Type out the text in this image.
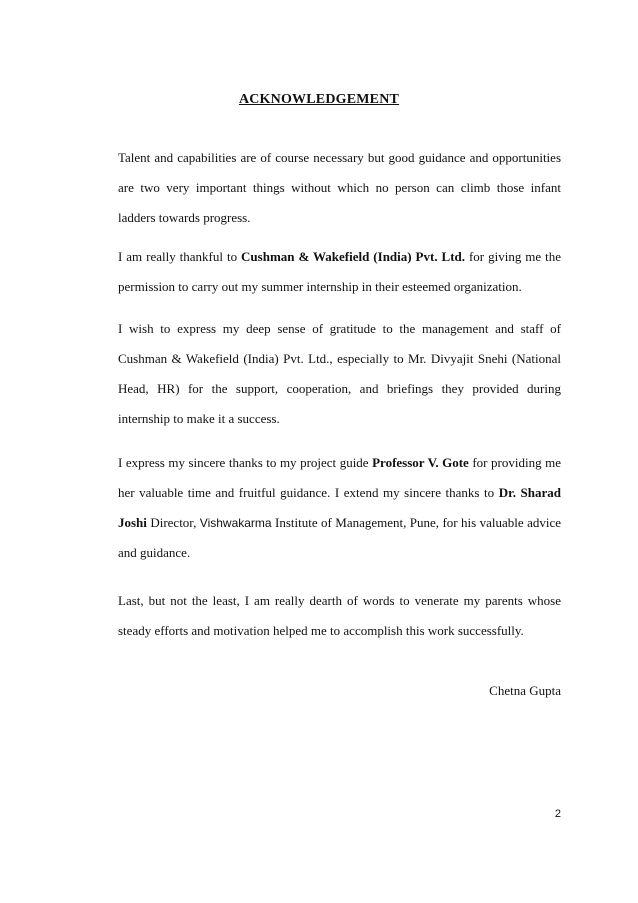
ACKNOWLEDGEMENT

Talent and capabilities are of course necessary but good guidance and opportunities are two very important things without which no person can climb those infant ladders towards progress.

I am really thankful to Cushman & Wakefield (India) Pvt. Ltd. for giving me the permission to carry out my summer internship in their esteemed organization.

I wish to express my deep sense of gratitude to the management and staff of Cushman & Wakefield (India) Pvt. Ltd., especially to Mr. Divyajit Snehi (National Head, HR) for the support, cooperation, and briefings they provided during internship to make it a success.

I express my sincere thanks to my project guide Professor V. Gote for providing me her valuable time and fruitful guidance. I extend my sincere thanks to Dr. Sharad Joshi Director, Vishwakarma Institute of Management, Pune, for his valuable advice and guidance.

Last, but not the least, I am really dearth of words to venerate my parents whose steady efforts and motivation helped me to accomplish this work successfully.

Chetna Gupta
2
